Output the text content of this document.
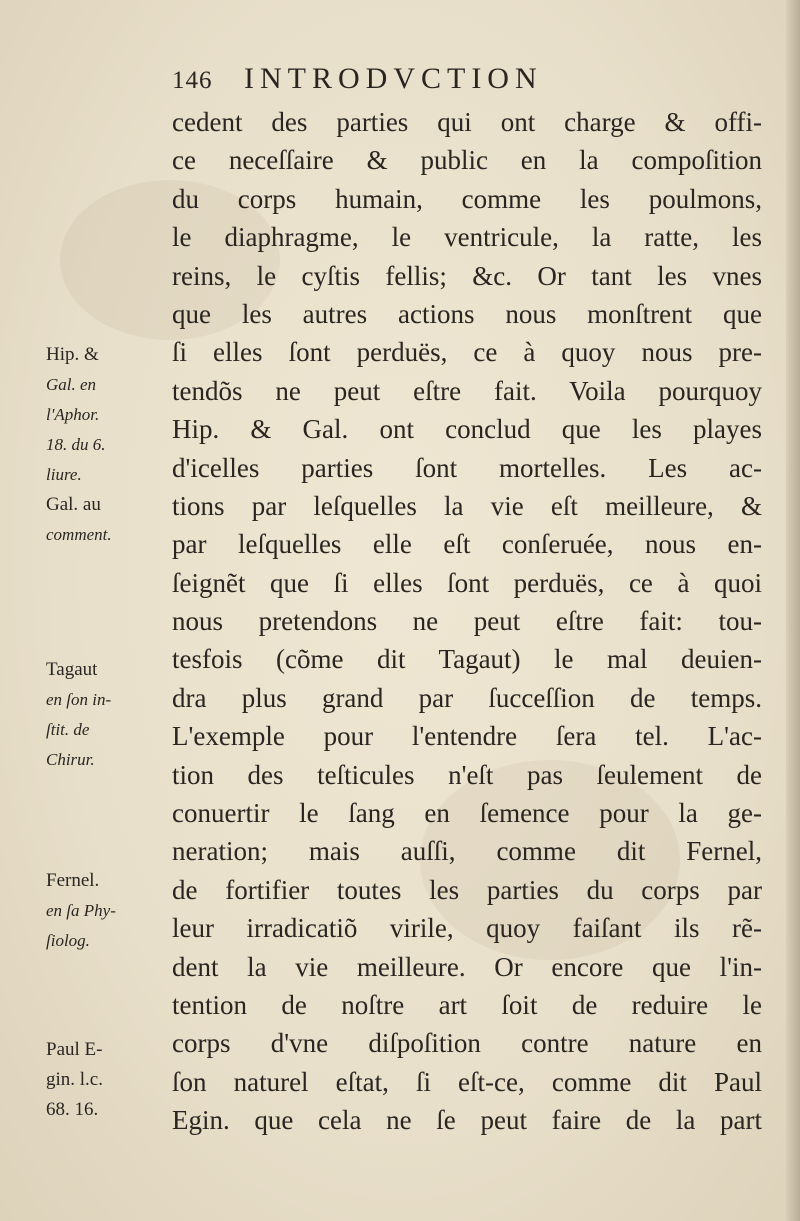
146 INTRODVCTION
cedent des parties qui ont charge & offi-
ce neceſſaire & public en la compoſition
du corps humain, comme les poulmons,
le diaphragme, le ventricule, la ratte, les
reins, le cyſtis fellis; &c. Or tant les vnes
que les autres actions nous monſtrent que
ſi elles ſont perduës, ce à quoy nous pre-
tendõs ne peut eſtre fait. Voila pourquoy
Hip. & Gal. ont conclud que les playes
d'icelles parties ſont mortelles. Les ac-
tions par leſquelles la vie eſt meilleure, &
par leſquelles elle eſt conſeruée, nous en-
ſeignẽt que ſi elles ſont perduës, ce à quoi
nous pretendons ne peut eſtre fait: tou-
tesfois (cõme dit Tagaut) le mal deuien-
dra plus grand par ſucceſſion de temps.
L'exemple pour l'entendre ſera tel. L'ac-
tion des teſticules n'eſt pas ſeulement de
conuertir le ſang en ſemence pour la ge-
neration; mais auſſi, comme dit Fernel,
de fortifier toutes les parties du corps par
leur irradicatiõ virile, quoy faiſant ils rẽ-
dent la vie meilleure. Or encore que l'in-
tention de noſtre art ſoit de reduire le
corps d'vne diſpoſition contre nature en
ſon naturel eſtat, ſi eſt-ce, comme dit Paul
Egin. que cela ne ſe peut faire de la part
Hip. &
Gal. en
l'Aphor.
18. du 6.
liure.
Gal. au
comment.
Tagaut
en ſon in-
ſtit. de
Chirur.
Fernel.
en ſa Phy-
ſiolog.
Paul E-
gin. l.c.
68. 16.
